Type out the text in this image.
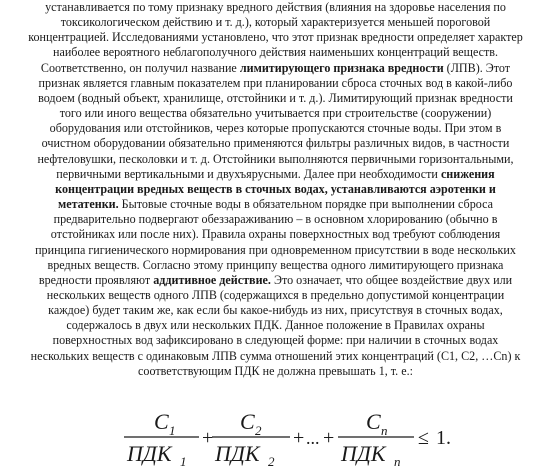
устанавливается по тому признаку вредного действия (влияния на здоровье населения по

токсикологическом действию и т. д.), который характеризуется меньшей пороговой

концентрацией. Исследованиями установлено, что этот признак вредности определяет характер

наиболее вероятного неблагополучного действия наименьших концентраций веществ.

Соответственно, он получил название лимитирующего признака вредности (ЛПВ). Этот

признак является главным показателем при планировании сброса сточных вод в какой-либо

водоем (водный объект, хранилище, отстойники и т. д.). Лимитирующий признак вредности

того или иного вещества обязательно учитывается при строительстве (сооружении)

оборудования или отстойников, через которые пропускаются сточные воды. При этом в

очистном оборудовании обязательно применяются фильтры различных видов, в частности

нефтеловушки, песколовки и т. д. Отстойники выполняются первичными горизонтальными,

первичными вертикальными и двухъярусными. Далее при необходимости снижения

концентрации вредных веществ в сточных водах, устанавливаются аэротенки и

метатенки. Бытовые сточные воды в обязательном порядке при выполнении сброса

предварительно подвергают обеззараживанию – в основном хлорированию (обычно в

отстойниках или после них). Правила охраны поверхностных вод требуют соблюдения

принципа гигиенического нормирования при одновременном присутствии в воде нескольких

вредных веществ. Согласно этому принципу вещества одного лимитирующего признака

вредности проявляют аддитивное действие. Это означает, что общее воздействие двух или

нескольких веществ одного ЛПВ (содержащихся в предельно допустимой концентрации

каждое) будет таким же, как если бы какое-нибудь из них, присутствуя в сточных водах,

содержалось в двух или нескольких ПДК. Данное положение в Правилах охраны

поверхностных вод зафиксировано в следующей форме: при наличии в сточных водах

нескольких веществ с одинаковым ЛПВ сумма отношений этих концентраций (C1, C2, …Cn) к

соответствующим ПДК не должна превышать 1, т. е.:

C 1
ПДК 1
+
C 2
ПДК 2
+ ... +
C n
ПДК n
≤ 1.
